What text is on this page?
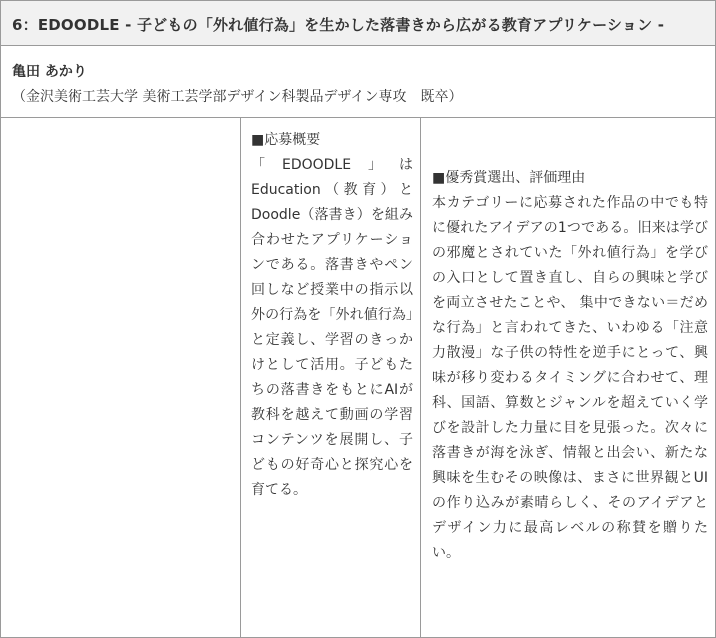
6：EDOODLE - 子どもの「外れ値行為」を生かした落書きから広がる教育アプリケーション -
亀田 あかり
（金沢美術工芸大学 美術工芸学部デザイン科製品デザイン専攻　既卒）
■応募概要
「EDOODLE」はEducation（教育）とDoodle（落書き）を組み合わせたアプリケーションである。落書きやペン回しなど授業中の指示以外の行為を「外れ値行為」と定義し、学習のきっかけとして活用。子どもたちの落書きをもとにAIが教科を越えて動画の学習コンテンツを展開し、子どもの好奇心と探究心を育てる。
■優秀賞選出、評価理由
本カテゴリーに応募された作品の中でも特に優れたアイデアの1つである。旧来は学びの邪魔とされていた「外れ値行為」を学びの入口として置き直し、自らの興味と学びを両立させたことや、 集中できない＝だめな行為」と言われてきた、いわゆる「注意力散漫」な子供の特性を逆手にとって、興味が移り変わるタイミングに合わせて、理科、国語、算数とジャンルを超えていく学びを設計した力量に目を見張った。次々に落書きが海を泳ぎ、情報と出会い、新たな興味を生むその映像は、まさに世界観とUIの作り込みが素晴らしく、そのアイデアとデザイン力に最高レベルの称賛を贈りたい。
